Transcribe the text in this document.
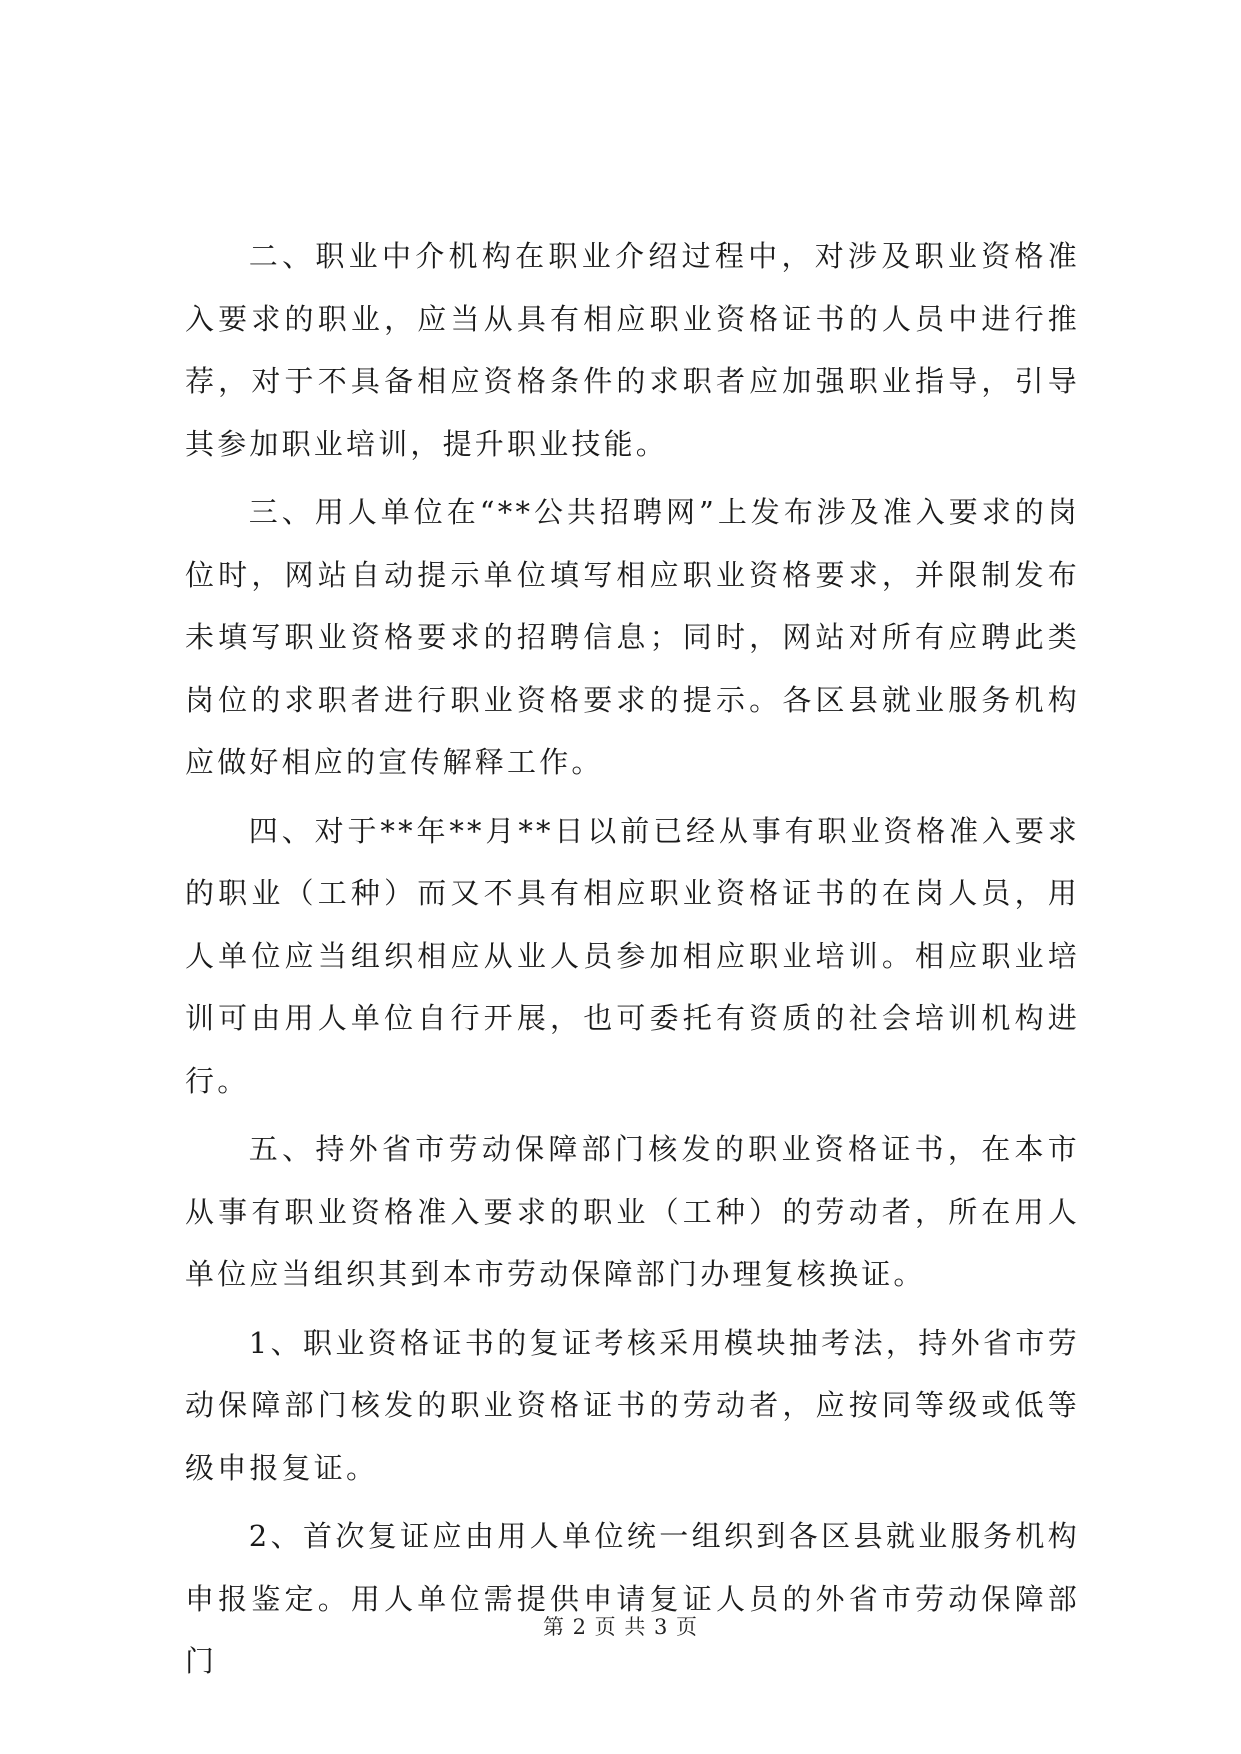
二、职业中介机构在职业介绍过程中，对涉及职业资格准入要求的职业，应当从具有相应职业资格证书的人员中进行推荐，对于不具备相应资格条件的求职者应加强职业指导，引导其参加职业培训，提升职业技能。

三、用人单位在“**公共招聘网”上发布涉及准入要求的岗位时，网站自动提示单位填写相应职业资格要求，并限制发布未填写职业资格要求的招聘信息；同时，网站对所有应聘此类岗位的求职者进行职业资格要求的提示。各区县就业服务机构应做好相应的宣传解释工作。

四、对于**年**月**日以前已经从事有职业资格准入要求的职业（工种）而又不具有相应职业资格证书的在岗人员，用人单位应当组织相应从业人员参加相应职业培训。相应职业培训可由用人单位自行开展，也可委托有资质的社会培训机构进行。

五、持外省市劳动保障部门核发的职业资格证书，在本市从事有职业资格准入要求的职业（工种）的劳动者，所在用人单位应当组织其到本市劳动保障部门办理复核换证。

1、职业资格证书的复证考核采用模块抽考法，持外省市劳动保障部门核发的职业资格证书的劳动者，应按同等级或低等级申报复证。

2、首次复证应由用人单位统一组织到各区县就业服务机构申报鉴定。用人单位需提供申请复证人员的外省市劳动保障部门

第 2 页 共 3 页
